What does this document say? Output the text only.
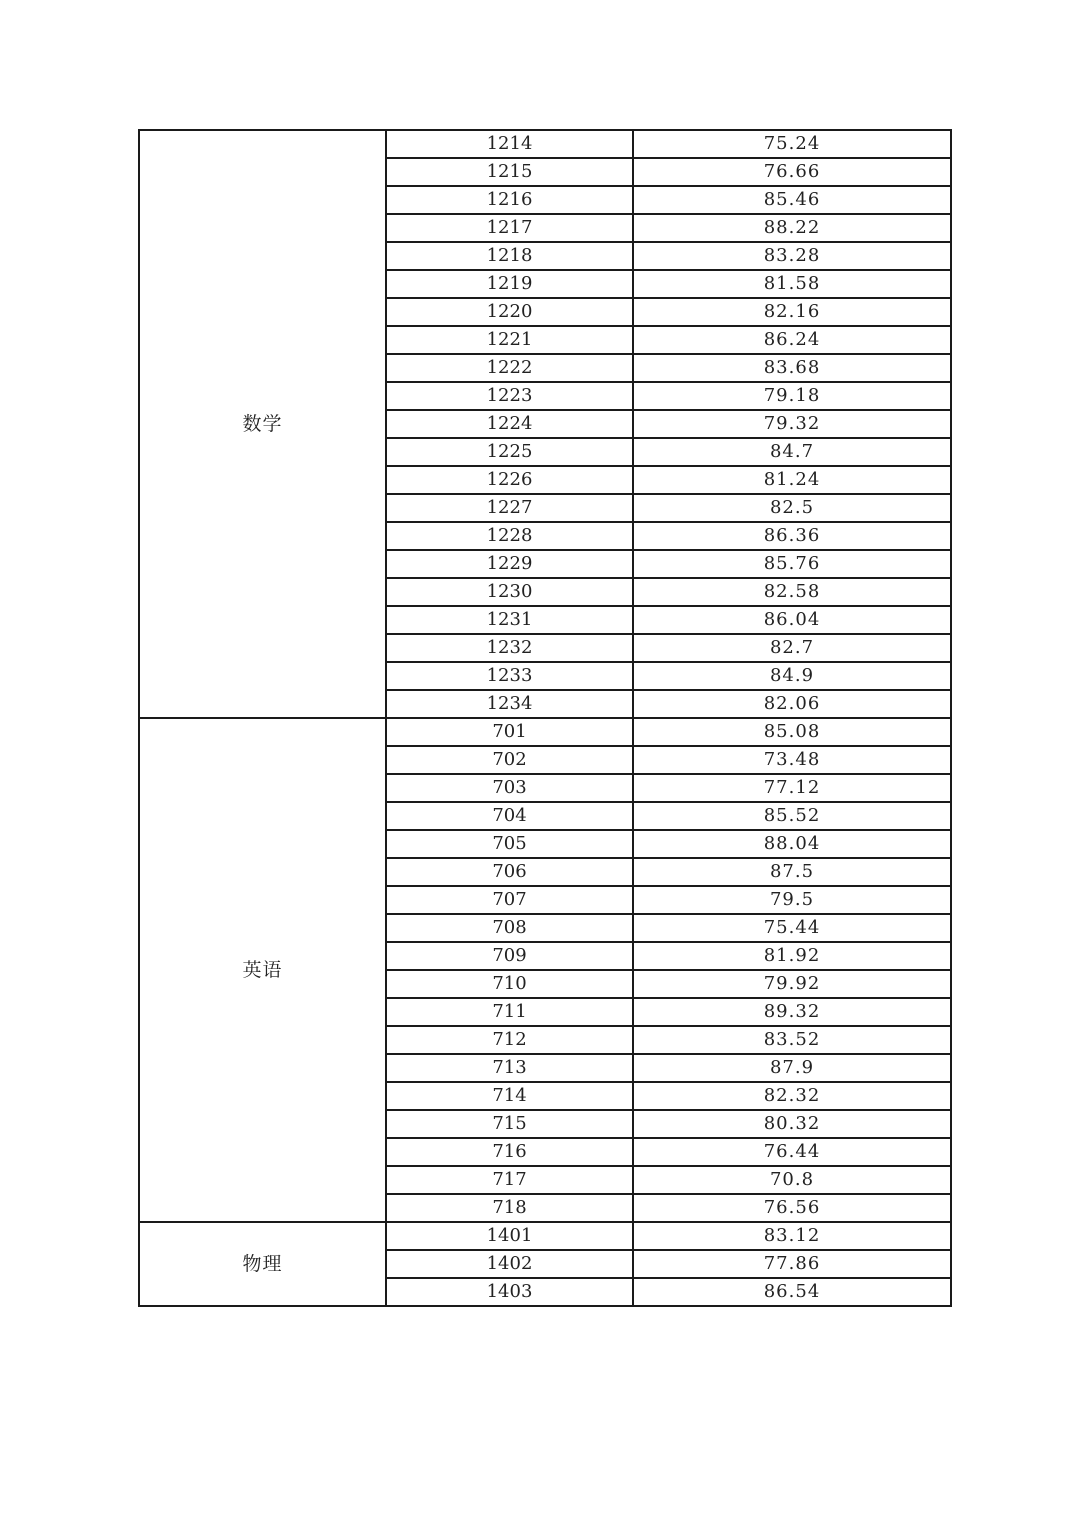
数学	1214	75.24
	1215	76.66
	1216	85.46
	1217	88.22
	1218	83.28
	1219	81.58
	1220	82.16
	1221	86.24
	1222	83.68
	1223	79.18
	1224	79.32
	1225	84.7
	1226	81.24
	1227	82.5
	1228	86.36
	1229	85.76
	1230	82.58
	1231	86.04
	1232	82.7
	1233	84.9
	1234	82.06
英语	701	85.08
	702	73.48
	703	77.12
	704	85.52
	705	88.04
	706	87.5
	707	79.5
	708	75.44
	709	81.92
	710	79.92
	711	89.32
	712	83.52
	713	87.9
	714	82.32
	715	80.32
	716	76.44
	717	70.8
	718	76.56
物理	1401	83.12
	1402	77.86
	1403	86.54
